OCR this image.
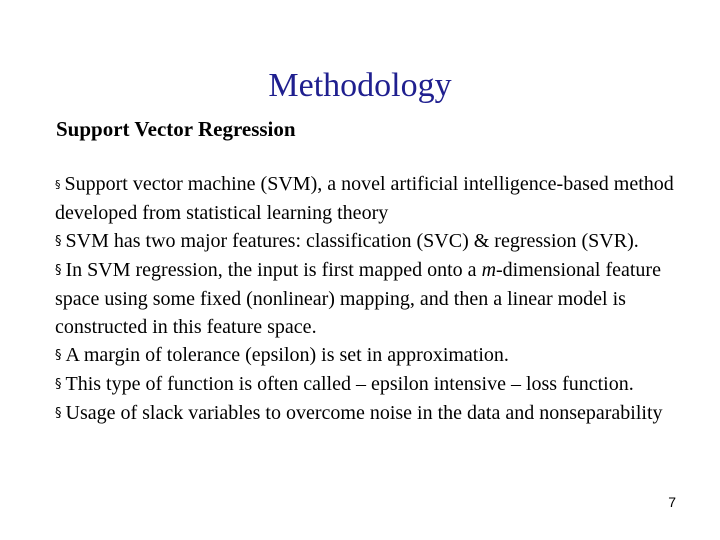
Methodology
Support Vector Regression

§ Support vector machine (SVM), a novel artificial intelligence-based method developed from statistical learning theory

§ SVM has two major features: classification (SVC) & regression (SVR).

§ In SVM regression, the input is first mapped onto a m-dimensional feature space using some fixed (nonlinear) mapping, and then a linear model is constructed in this feature space.

§ A margin of tolerance (epsilon) is set in approximation.

§ This type of function is often called – epsilon intensive – loss function.

§ Usage of slack variables to overcome noise in the data and nonseparability

7
